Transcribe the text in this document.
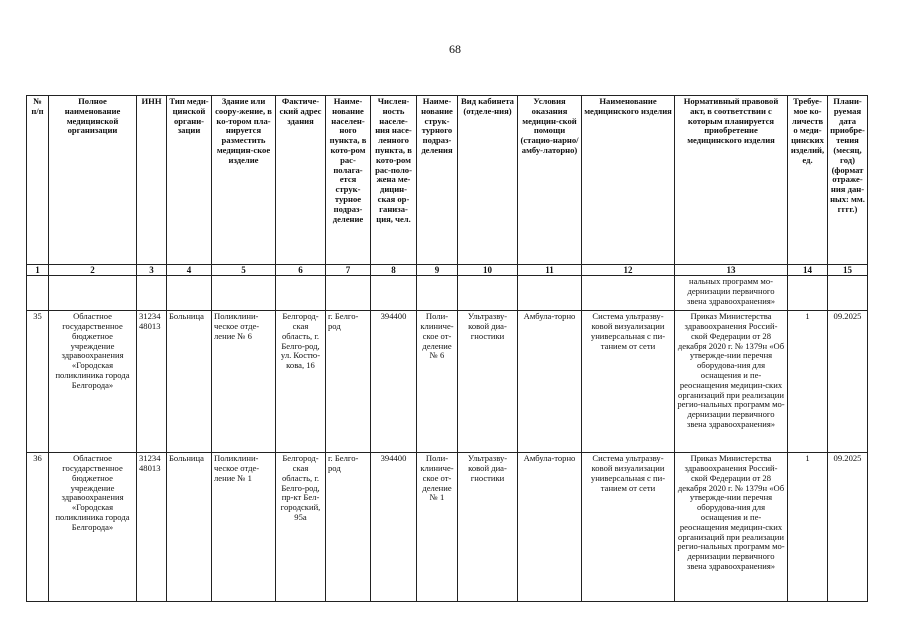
68
№ п/п	Полное наименование медицинской организации	ИНН	Тип меди-цинской органи-зации	Здание или соору-жение, в ко-тором пла-нируется разместить медицин-ское изделие	Фактиче-ский адрес здания	Наиме-нование населен-ного пункта, в кото-ром рас-полага-ется струк-турное подраз-деление	Числен-ность населе-ния насе-ленного пункта, в кото-ром рас-поло-жена ме-дицин-ская ор-ганиза-ция, чел.	Наиме-нование струк-турного подраз-деления	Вид кабинета (отделе-ния)	Условия оказания медицин-ской помощи (стацио-нарно/амбу-латорно)	Наименование медицинского изделия	Нормативный правовой акт, в соответствии с которым планируется приобретение медицинского изделия	Требуе-мое ко-личество меди-цинских изделий, ед.	Плани-руемая дата приобре-тения (месяц, год) (формат отраже-ния дан-ных: мм. гггг.)
1	2	3	4	5	6	7	8	9	10	11	12	13	14	15
												нальных программ мо-дернизации первичного звена здравоохранения»		
35	Областное государственное бюджетное учреждение здравоохранения «Городская поликлиника города Белгорода»	3123448013	Больница	Поликлини-ческое отде-ление № 6	Белгород-ская область, г. Белго-род, ул. Костю-кова, 16	г. Белго-род	394400	Поли-клиниче-ское от-деление № 6	Ультразву-ковой диа-гностики	Амбула-торно	Система ультразву-ковой визуализации универсальная с пи-танием от сети	Приказ Министерства здравоохранения Россий-ской Федерации от 28 декабря 2020 г. № 1379н «Об утвержде-нии перечня оборудова-ния для оснащения и пе-реоснащения медицин-ских организаций при реализации регио-нальных программ мо-дернизации первичного звена здравоохранения»	1	09.2025
36	Областное государственное бюджетное учреждение здравоохранения «Городская поликлиника города Белгорода»	3123448013	Больница	Поликлини-ческое отде-ление № 1	Белгород-ская область, г. Белго-род, пр-кт Бел-городский, 95а	г. Белго-род	394400	Поли-клиниче-ское от-деление № 1	Ультразву-ковой диа-гностики	Амбула-торно	Система ультразву-ковой визуализации универсальная с пи-танием от сети	Приказ Министерства здравоохранения Россий-ской Федерации от 28 декабря 2020 г. № 1379н «Об утвержде-нии перечня оборудова-ния для оснащения и пе-реоснащения медицин-ских организаций при реализации регио-нальных программ мо-дернизации первичного звена здравоохранения»	1	09.2025
